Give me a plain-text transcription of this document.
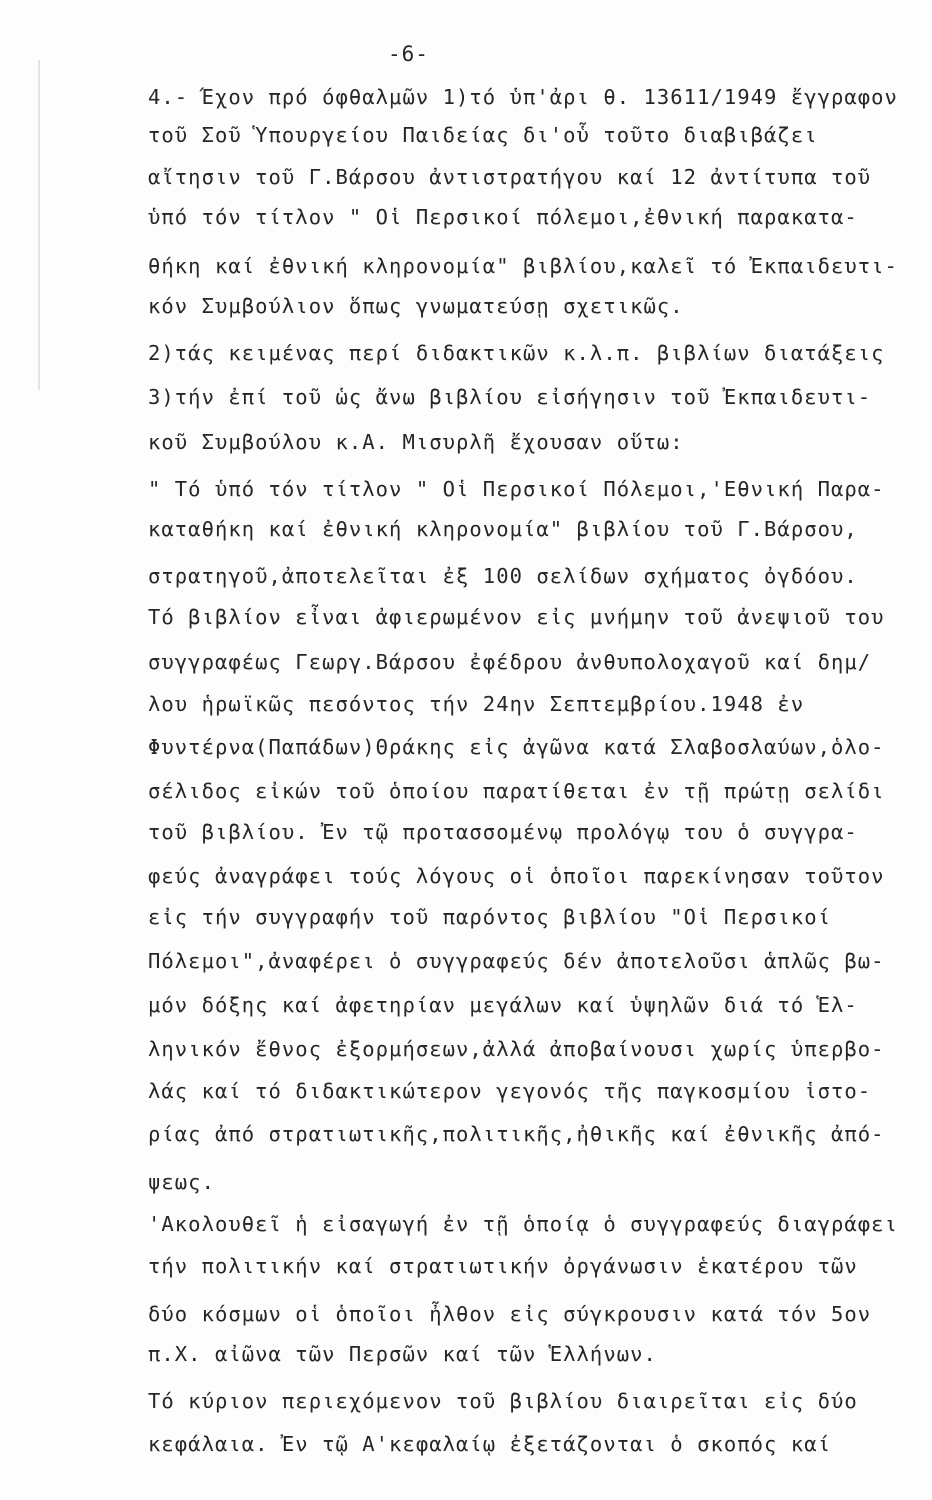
-6-
4.- Έχον πρό όφθαλμῶν 1)τό ὑπ'ἀρι θ. 13611/1949 ἔγγραφον
τοῦ Σοῦ Ὑπουργείου Παιδείας δι'οὗ τοῦτο διαβιβάζει
αἴτησιν τοῦ Γ.Βάρσου ἀντιστρατήγου καί 12 ἀντίτυπα τοῦ
ὑπό τόν τίτλον " Οἱ Περσικοί πόλεμοι,ἐθνική παρακατα-
θήκη καί ἐθνική κληρονομία" βιβλίου,καλεῖ τό Ἐκπαιδευτι-
κόν Συμβούλιον ὅπως γνωματεύσῃ σχετικῶς.
2)τάς κειμένας περί διδακτικῶν κ.λ.π. βιβλίων διατάξεις
3)τήν ἐπί τοῦ ὡς ἄνω βιβλίου εἰσήγησιν τοῦ Ἐκπαιδευτι-
κοῦ Συμβούλου κ.Α. Μισυρλῆ ἔχουσαν οὕτω:
" Τό ὑπό τόν τίτλον " Οἱ Περσικοί Πόλεμοι,'Εθνική Παρα-
καταθήκη καί ἐθνική κληρονομία" βιβλίου τοῦ Γ.Βάρσου,
στρατηγοῦ,ἀποτελεῖται ἐξ 100 σελίδων σχήματος ὀγδόου.
Τό βιβλίον εἶναι ἀφιερωμένον εἰς μνήμην τοῦ ἀνεψιοῦ του
συγγραφέως Γεωργ.Βάρσου ἐφέδρου ἀνθυπολοχαγοῦ καί δημ/
λου ἡρωϊκῶς πεσόντος τήν 24ην Σεπτεμβρίου.1948 ἐν
Φυντέρνα(Παπάδων)Θράκης εἰς ἀγῶνα κατά Σλαβοσλαύων,ὁλο-
σέλιδος εἰκών τοῦ ὁποίου παρατίθεται ἐν τῇ πρώτῃ σελίδι
τοῦ βιβλίου. Ἐν τῷ προτασσομένῳ προλόγῳ του ὁ συγγρα-
φεύς ἀναγράφει τούς λόγους οἱ ὁποῖοι παρεκίνησαν τοῦτον
εἰς τήν συγγραφήν τοῦ παρόντος βιβλίου "Οἱ Περσικοί
Πόλεμοι",ἀναφέρει ὁ συγγραφεύς δέν ἀποτελοῦσι ἁπλῶς βω-
μόν δόξης καί ἀφετηρίαν μεγάλων καί ὑψηλῶν διά τό Ἑλ-
ληνικόν ἔθνος ἐξορμήσεων,ἀλλά ἀποβαίνουσι χωρίς ὑπερβο-
λάς καί τό διδακτικώτερον γεγονός τῆς παγκοσμίου ἱστο-
ρίας ἀπό στρατιωτικῆς,πολιτικῆς,ἠθικῆς καί ἐθνικῆς ἀπό-
ψεως.
'Ακολουθεῖ ἡ εἰσαγωγή ἐν τῇ ὁποίᾳ ὁ συγγραφεύς διαγράφει
τήν πολιτικήν καί στρατιωτικήν ὀργάνωσιν ἑκατέρου τῶν
δύο κόσμων οἱ ὁποῖοι ἦλθον εἰς σύγκρουσιν κατά τόν 5ον
π.Χ. αἰῶνα τῶν Περσῶν καί τῶν Ἑλλήνων.
Τό κύριον περιεχόμενον τοῦ βιβλίου διαιρεῖται εἰς δύο
κεφάλαια. Ἐν τῷ Α'κεφαλαίῳ ἐξετάζονται ὁ σκοπός καί
